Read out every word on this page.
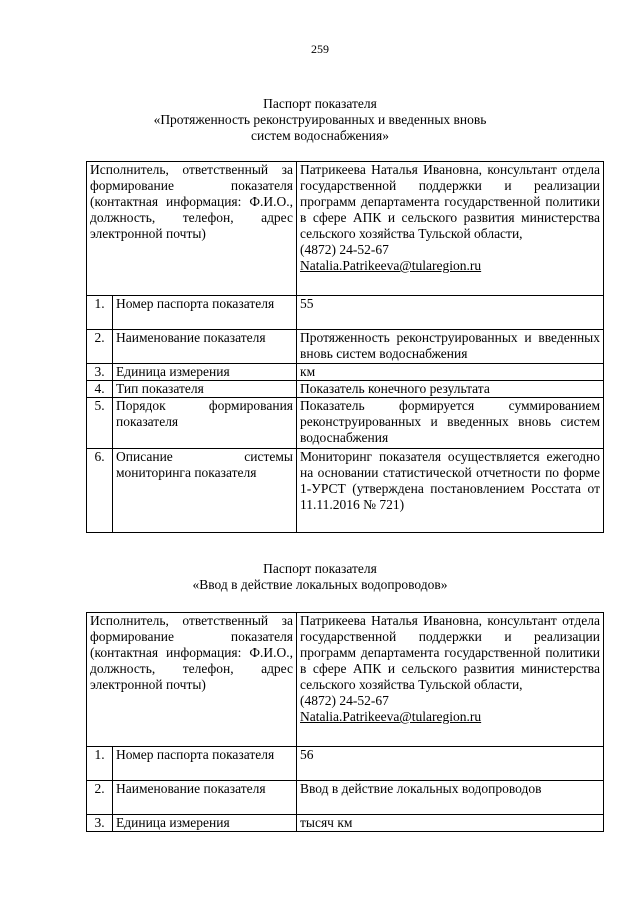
259
Паспорт показателя
«Протяженность реконструированных и введенных вновь
систем водоснабжения»
Исполнитель, ответственный за формирование показателя (контактная информация: Ф.И.О., должность, телефон, адрес электронной почты)		Патрикеева Наталья Ивановна, консультант отдела государственной поддержки и реализации программ департамента государственной политики в сфере АПК и сельского развития министерства сельского хозяйства Тульской области,
(4872) 24-52-67
Natalia.Patrikeeva@tularegion.ru
1.	Номер паспорта показателя	55
2.	Наименование показателя	Протяженность реконструированных и введенных вновь систем водоснабжения
3.	Единица измерения	км
4.	Тип показателя	Показатель конечного результата
5.	Порядок формирования показателя	Показатель формируется суммированием реконструированных и введенных вновь систем водоснабжения
6.	Описание системы мониторинга показателя	Мониторинг показателя осуществляется ежегодно на основании статистической отчетности по форме 1-УРСТ (утверждена постановлением Росстата от 11.11.2016 № 721)
Паспорт показателя
«Ввод в действие локальных водопроводов»
Исполнитель, ответственный за формирование показателя (контактная информация: Ф.И.О., должность, телефон, адрес электронной почты)		Патрикеева Наталья Ивановна, консультант отдела государственной поддержки и реализации программ департамента государственной политики в сфере АПК и сельского развития министерства сельского хозяйства Тульской области,
(4872) 24-52-67
Natalia.Patrikeeva@tularegion.ru
1.	Номер паспорта показателя	56
2.	Наименование показателя	Ввод в действие локальных водопроводов
3.	Единица измерения	тысяч км
